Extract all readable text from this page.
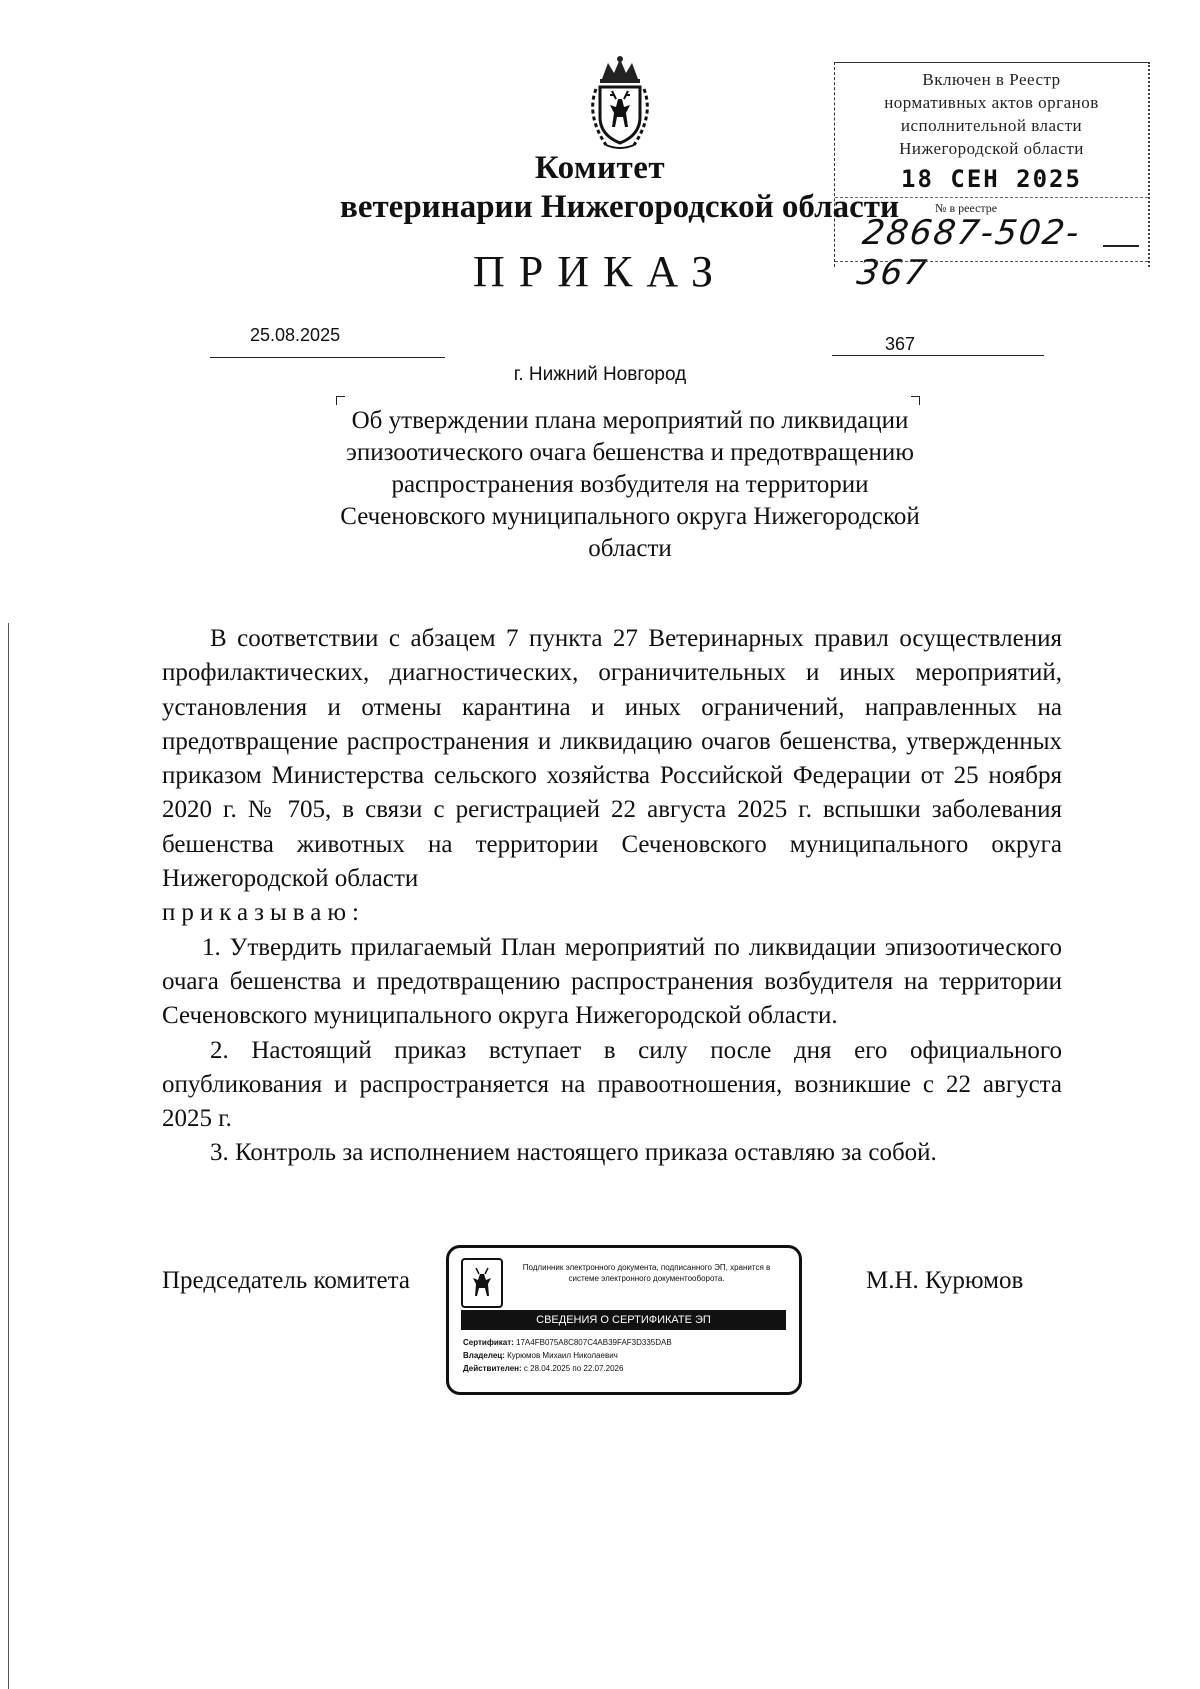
Комитет
ветеринарии Нижегородской области
ПРИКАЗ
Включен в Реестр
нормативных актов органов
исполнительной власти
Нижегородской области
18 СЕН 2025
№ в реестре
28687-502-367
25.08.2025	367
г. Нижний Новгород
Об утверждении плана мероприятий по ликвидации эпизоотического очага бешенства и предотвращению распространения возбудителя на территории Сеченовского муниципального округа Нижегородской области

В соответствии с абзацем 7 пункта 27 Ветеринарных правил осуществления профилактических, диагностических, ограничительных и иных мероприятий, установления и отмены карантина и иных ограничений, направленных на предотвращение распространения и ликвидацию очагов бешенства, утвержденных приказом Министерства сельского хозяйства Российской Федерации от 25 ноября 2020 г. № 705, в связи с регистрацией 22 августа 2025 г. вспышки заболевания бешенства животных на территории Сеченовского муниципального округа Нижегородской области

приказываю:

1. Утвердить прилагаемый План мероприятий по ликвидации эпизоотического очага бешенства и предотвращению распространения возбудителя на территории Сеченовского муниципального округа Нижегородской области.

2. Настоящий приказ вступает в силу после дня его официального опубликования и распространяется на правоотношения, возникшие с 22 августа 2025 г.

3. Контроль за исполнением настоящего приказа оставляю за собой.

Председатель комитета	М.Н. Курюмов
Подлинник электронного документа, подписанного ЭП, хранится в системе электронного документооборота.
СВЕДЕНИЯ О СЕРТИФИКАТЕ ЭП
Сертификат: 17A4FB075A8C807C4AB39FAF3D335DAB
Владелец: Курюмов Михаил Николаевич
Действителен: с 28.04.2025 по 22.07.2026
